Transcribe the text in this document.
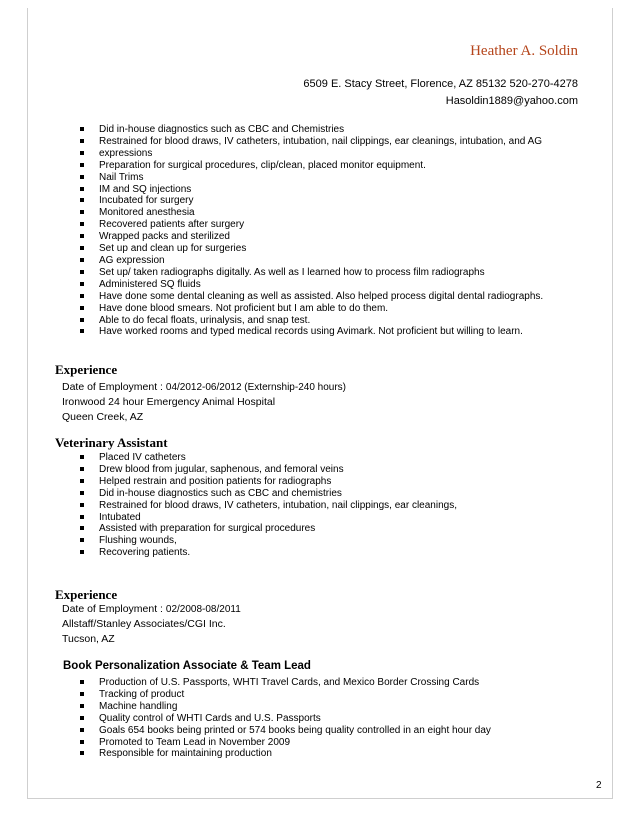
Heather A. Soldin
6509 E. Stacy Street, Florence, AZ 85132 520-270-4278
Hasoldin1889@yahoo.com
Did in-house diagnostics such as CBC and Chemistries
Restrained for blood draws, IV catheters, intubation, nail clippings, ear cleanings, intubation, and AG
expressions
Preparation for surgical procedures, clip/clean, placed monitor equipment.
Nail Trims
IM and SQ injections
Incubated for surgery
Monitored anesthesia
Recovered patients after surgery
Wrapped packs and sterilized
Set up and clean up for surgeries
AG expression
Set up/ taken radiographs digitally. As well as I learned how to process film radiographs
Administered SQ fluids
Have done some dental cleaning as well as assisted. Also helped process digital dental radiographs.
Have done blood smears. Not proficient but I am able to do them.
Able to do fecal floats, urinalysis, and snap test.
Have worked rooms and typed medical records using Avimark. Not proficient but willing to learn.
Experience
Date of Employment : 04/2012-06/2012 (Externship-240 hours)
Ironwood 24 hour Emergency Animal Hospital
Queen Creek, AZ
Veterinary Assistant
Placed IV catheters
Drew blood from jugular, saphenous, and femoral veins
Helped restrain and position patients for radiographs
Did in-house diagnostics such as CBC and chemistries
Restrained for blood draws, IV catheters, intubation, nail clippings, ear cleanings,
Intubated
Assisted with preparation for surgical procedures
Flushing wounds,
Recovering patients.
Experience
Date of Employment : 02/2008-08/2011
Allstaff/Stanley Associates/CGI Inc.
Tucson, AZ
Book Personalization Associate & Team Lead
Production of U.S. Passports, WHTI Travel Cards, and Mexico Border Crossing Cards
Tracking of product
Machine handling
Quality control of WHTI Cards and U.S. Passports
Goals 654 books being printed or 574 books being quality controlled in an eight hour day
Promoted to Team Lead in November 2009
Responsible for maintaining production
2
